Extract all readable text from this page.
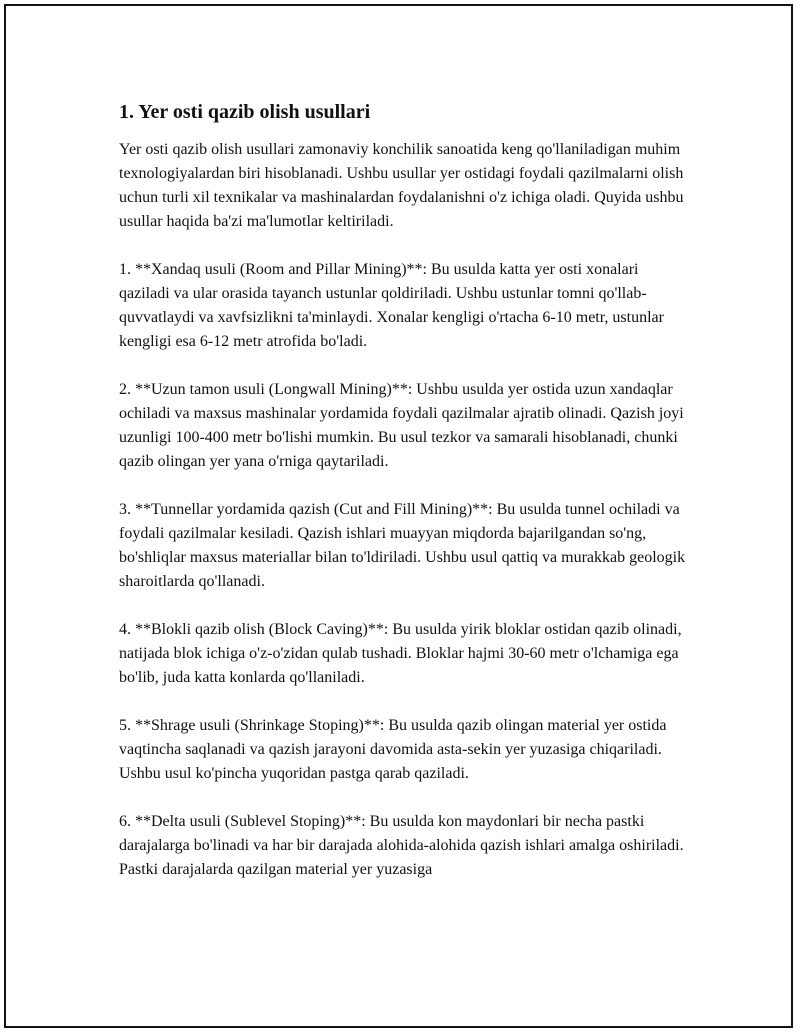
1. Yer osti qazib olish usullari

Yer osti qazib olish usullari zamonaviy konchilik sanoatida keng qo'llaniladigan muhim texnologiyalardan biri hisoblanadi. Ushbu usullar yer ostidagi foydali qazilmalarni olish uchun turli xil texnikalar va mashinalardan foydalanishni o'z ichiga oladi. Quyida ushbu usullar haqida ba'zi ma'lumotlar keltiriladi.

1. **Xandaq usuli (Room and Pillar Mining)**: Bu usulda katta yer osti xonalari qaziladi va ular orasida tayanch ustunlar qoldiriladi. Ushbu ustunlar tomni qo'llab-quvvatlaydi va xavfsizlikni ta'minlaydi. Xonalar kengligi o'rtacha 6-10 metr, ustunlar kengligi esa 6-12 metr atrofida bo'ladi.

2. **Uzun tamon usuli (Longwall Mining)**: Ushbu usulda yer ostida uzun xandaqlar ochiladi va maxsus mashinalar yordamida foydali qazilmalar ajratib olinadi. Qazish joyi uzunligi 100-400 metr bo'lishi mumkin. Bu usul tezkor va samarali hisoblanadi, chunki qazib olingan yer yana o'rniga qaytariladi.

3. **Tunnellar yordamida qazish (Cut and Fill Mining)**: Bu usulda tunnel ochiladi va foydali qazilmalar kesiladi. Qazish ishlari muayyan miqdorda bajarilgandan so'ng, bo'shliqlar maxsus materiallar bilan to'ldiriladi. Ushbu usul qattiq va murakkab geologik sharoitlarda qo'llanadi.

4. **Blokli qazib olish (Block Caving)**: Bu usulda yirik bloklar ostidan qazib olinadi, natijada blok ichiga o'z-o'zidan qulab tushadi. Bloklar hajmi 30-60 metr o'lchamiga ega bo'lib, juda katta konlarda qo'llaniladi.

5. **Shrage usuli (Shrinkage Stoping)**: Bu usulda qazib olingan material yer ostida vaqtincha saqlanadi va qazish jarayoni davomida asta-sekin yer yuzasiga chiqariladi. Ushbu usul ko'pincha yuqoridan pastga qarab qaziladi.

6. **Delta usuli (Sublevel Stoping)**: Bu usulda kon maydonlari bir necha pastki darajalarga bo'linadi va har bir darajada alohida-alohida qazish ishlari amalga oshiriladi. Pastki darajalarda qazilgan material yer yuzasiga
